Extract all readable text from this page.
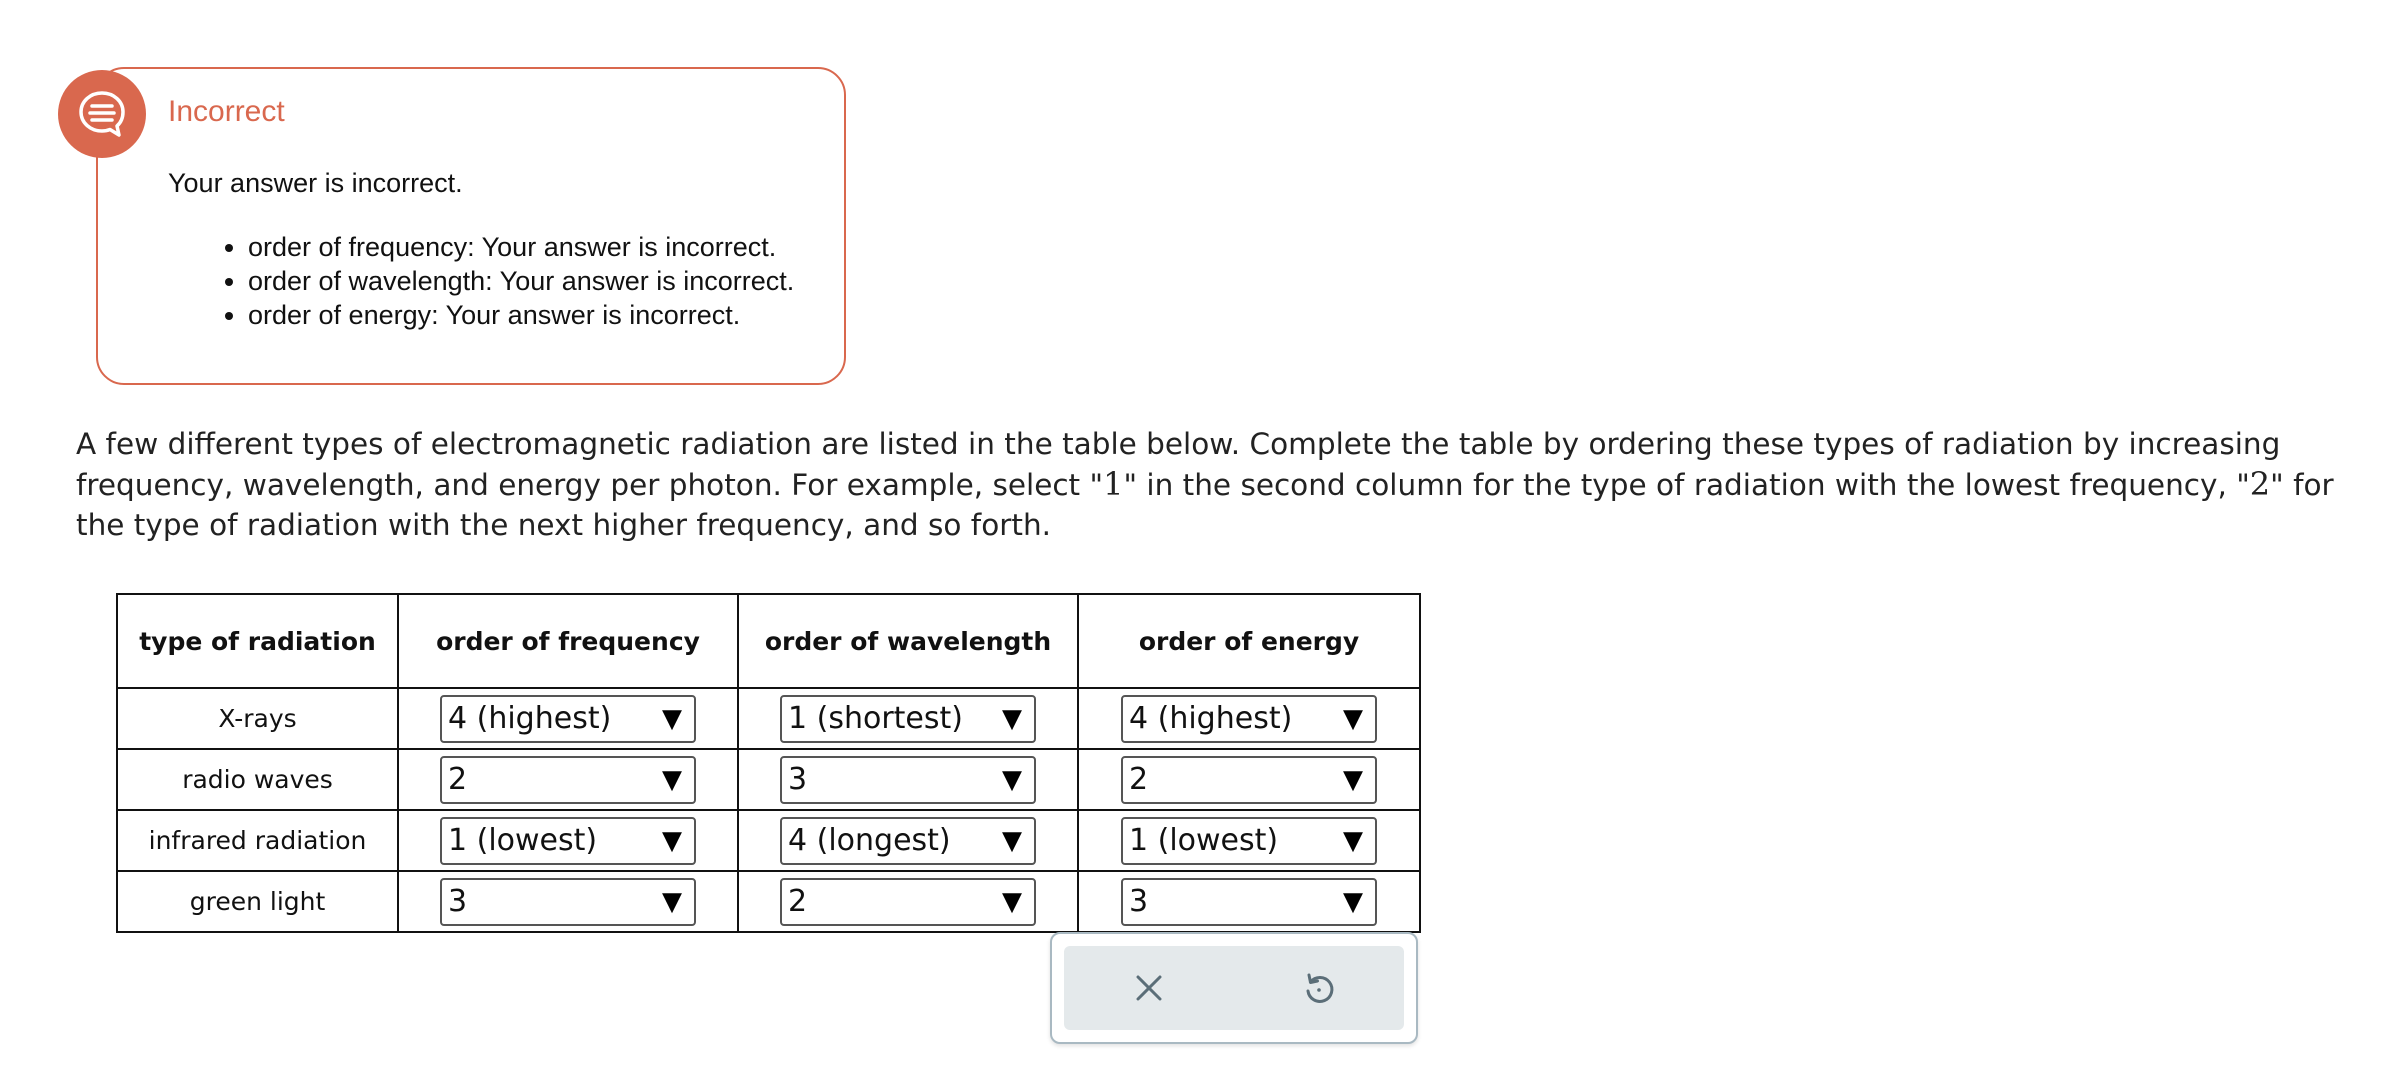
Incorrect
Your answer is incorrect.
• order of frequency: Your answer is incorrect.
• order of wavelength: Your answer is incorrect.
• order of energy: Your answer is incorrect.
A few different types of electromagnetic radiation are listed in the table below. Complete the table by ordering these types of radiation by increasing frequency, wavelength, and energy per photon. For example, select "1" in the second column for the type of radiation with the lowest frequency, "2" for the type of radiation with the next higher frequency, and so forth.
type of radiation	order of frequency	order of wavelength	order of energy
X-rays	4 (highest) ▼	1 (shortest) ▼	4 (highest) ▼

radio waves	2 ▼	3 ▼	2 ▼

infrared radiation	1 (lowest) ▼	4 (longest) ▼	1 (lowest) ▼

green light	3 ▼	2 ▼	3 ▼
